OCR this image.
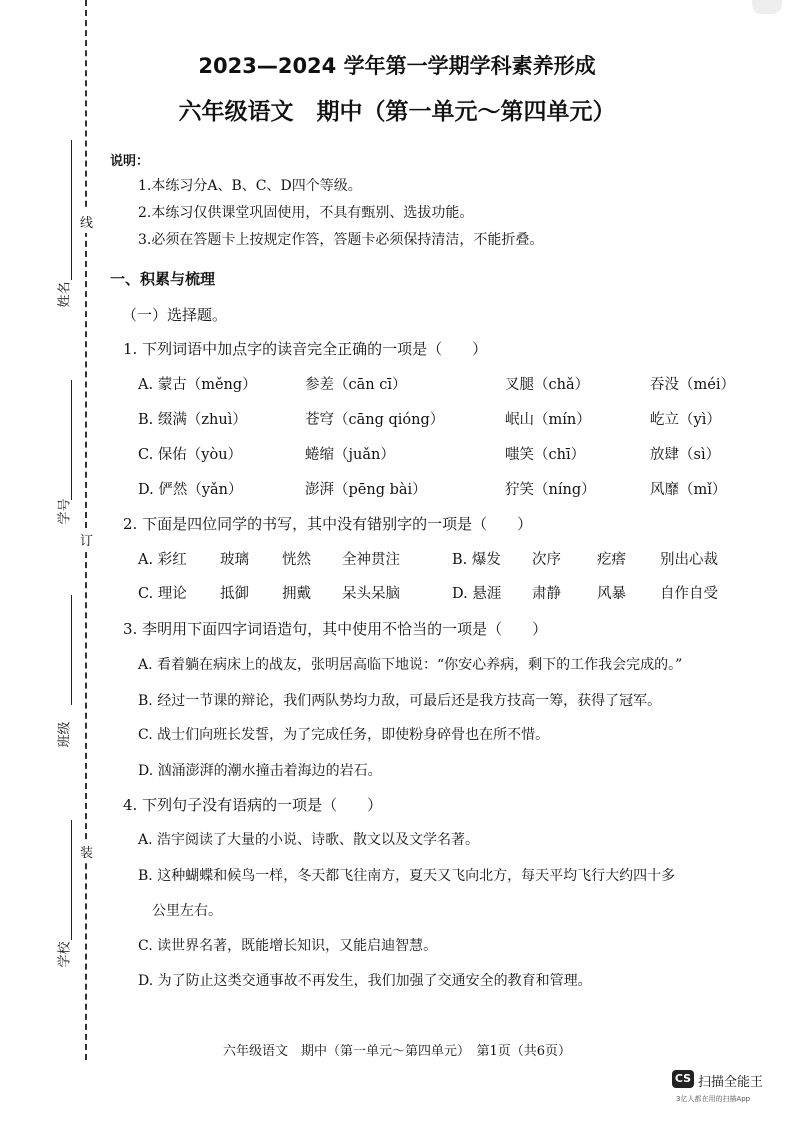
线
订
装
姓名
学号
班级
学校
2023—2024 学年第一学期学科素养形成
六年级语文　期中（第一单元～第四单元）
说明：
1.本练习分A、B、C、D四个等级。
2.本练习仅供课堂巩固使用，不具有甄别、选拔功能。
3.必须在答题卡上按规定作答，答题卡必须保持清洁，不能折叠。
一、积累与梳理
（一）选择题。
1. 下列词语中加点字的读音完全正确的一项是（　　）
A. 蒙古（měng）	参差（cān cī）	叉腿（chǎ）	吞没（méi）
B. 缀满（zhuì）	苍穹（cāng qióng）	岷山（mín）	屹立（yì）
C. 保佑（yòu）	蜷缩（juǎn）	嗤笑（chī）	放肆（sì）
D. 俨然（yǎn）	澎湃（pēng bài）	狞笑（níng）	风靡（mǐ）
2. 下面是四位同学的书写，其中没有错别字的一项是（　　）
A. 彩红 玻璃 恍然 全神贯注	B. 爆发 次序 疙瘩 别出心裁
C. 理论 抵御 拥戴 呆头呆脑	D. 悬涯 肃静 风暴 自作自受
3. 李明用下面四字词语造句，其中使用不恰当的一项是（　　）
A. 看着躺在病床上的战友，张明居高临下地说：“你安心养病，剩下的工作我会完成的。”
B. 经过一节课的辩论，我们两队势均力敌，可最后还是我方技高一筹，获得了冠军。
C. 战士们向班长发誓，为了完成任务，即使粉身碎骨也在所不惜。
D. 汹涌澎湃的潮水撞击着海边的岩石。
4. 下列句子没有语病的一项是（　　）
A. 浩宇阅读了大量的小说、诗歌、散文以及文学名著。
B. 这种蝴蝶和候鸟一样，冬天都飞往南方，夏天又飞向北方，每天平均飞行大约四十多
公里左右。
C. 读世界名著，既能增长知识，又能启迪智慧。
D. 为了防止这类交通事故不再发生，我们加强了交通安全的教育和管理。
六年级语文　期中（第一单元～第四单元）　第1页（共6页）
CS 扫描全能王
3亿人都在用的扫描App
